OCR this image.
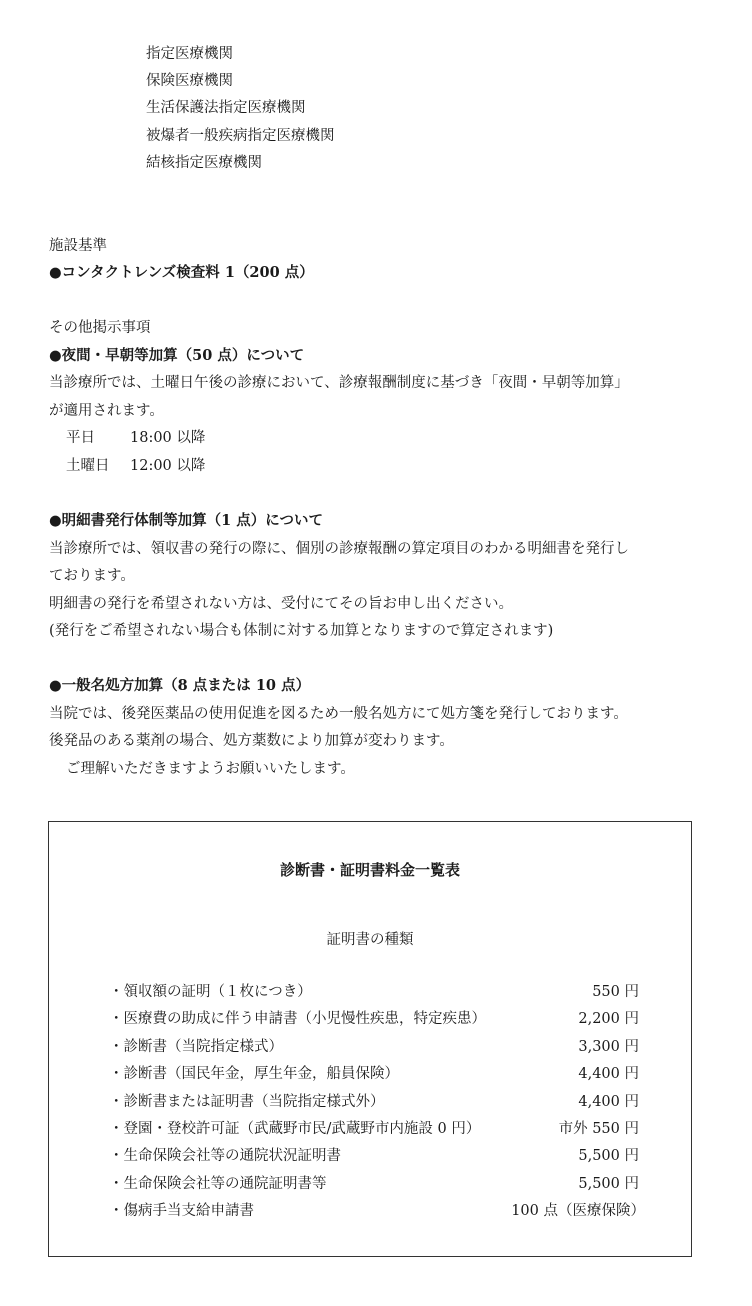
指定医療機関
保険医療機関
生活保護法指定医療機関
被爆者一般疾病指定医療機関
結核指定医療機関
施設基準
●コンタクトレンズ検査料 1（200 点）
その他掲示事項
●夜間・早朝等加算（50 点）について
当診療所では、土曜日午後の診療において、診療報酬制度に基づき「夜間・早朝等加算」
が適用されます。
平日 18:00 以降
土曜日 12:00 以降
●明細書発行体制等加算（1 点）について
当診療所では、領収書の発行の際に、個別の診療報酬の算定項目のわかる明細書を発行し
ております。
明細書の発行を希望されない方は、受付にてその旨お申し出ください。
(発行をご希望されない場合も体制に対する加算となりますので算定されます)
●一般名処方加算（8 点または 10 点）
当院では、後発医薬品の使用促進を図るため一般名処方にて処方箋を発行しております。
後発品のある薬剤の場合、処方薬数により加算が変わります。
ご理解いただきますようお願いいたします。
診断書・証明書料金一覧表
証明書の種類
・領収額の証明（１枚につき）	550 円
・医療費の助成に伴う申請書（小児慢性疾患，特定疾患）	2,200 円
・診断書（当院指定様式）	3,300 円
・診断書（国民年金，厚生年金，船員保険）	4,400 円
・診断書または証明書（当院指定様式外）	4,400 円
・登園・登校許可証（武蔵野市民/武蔵野市内施設 0 円）	市外 550 円
・生命保険会社等の通院状況証明書	5,500 円
・生命保険会社等の通院証明書等	5,500 円
・傷病手当支給申請書	100 点（医療保険）
